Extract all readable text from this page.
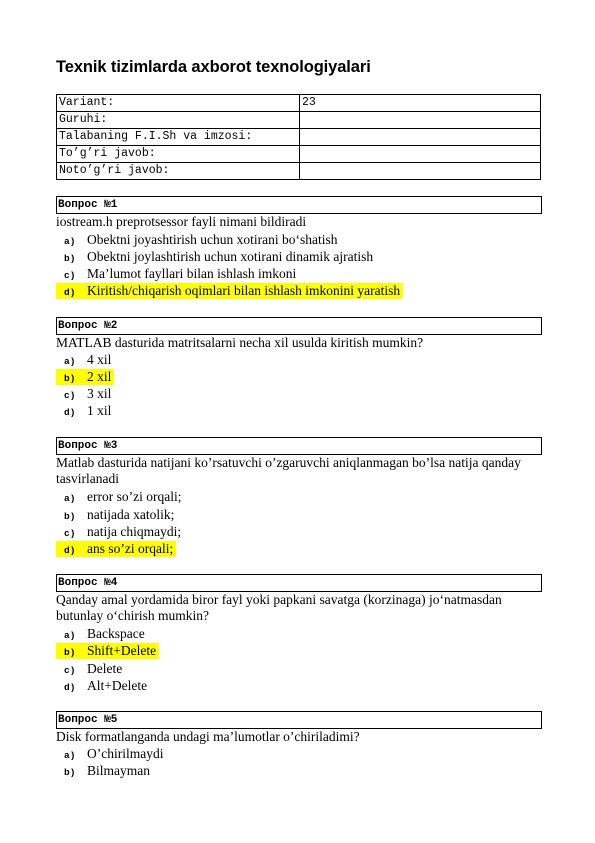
Texnik tizimlarda axborot texnologiyalari
Variant:	23
Guruhi:	
Talabaning F.I.Sh va imzosi:	
To’g’ri javob:	
Noto’g’ri javob:	
Вопрос №1
iostream.h preprotsessor fayli nimani bildiradi
a) Obektni joyashtirish uchun xotirani bo‘shatish
b) Obektni joylashtirish uchun xotirani dinamik ajratish
c) Ma’lumot fayllari bilan ishlash imkoni
d) Kiritish/chiqarish oqimlari bilan ishlash imkonini yaratish
Вопрос №2
MATLAB dasturida matritsalarni necha xil usulda kiritish mumkin?
a) 4 xil
b) 2 xil
c) 3 xil
d) 1 xil
Вопрос №3
Matlab dasturida natijani ko’rsatuvchi o’zgaruvchi aniqlanmagan bo’lsa natija qanday tasvirlanadi
a) error so’zi orqali;
b) natijada xatolik;
c) natija chiqmaydi;
d) ans so’zi orqali;
Вопрос №4
Qanday amal yordamida biror fayl yoki papkani savatga (korzinaga) jo‘natmasdan butunlay o‘chirish mumkin?
a) Backspace
b) Shift+Delete
c) Delete
d) Alt+Delete
Вопрос №5
Disk formatlanganda undagi ma’lumotlar o’chiriladimi?
a) O’chirilmaydi
b) Bilmayman
